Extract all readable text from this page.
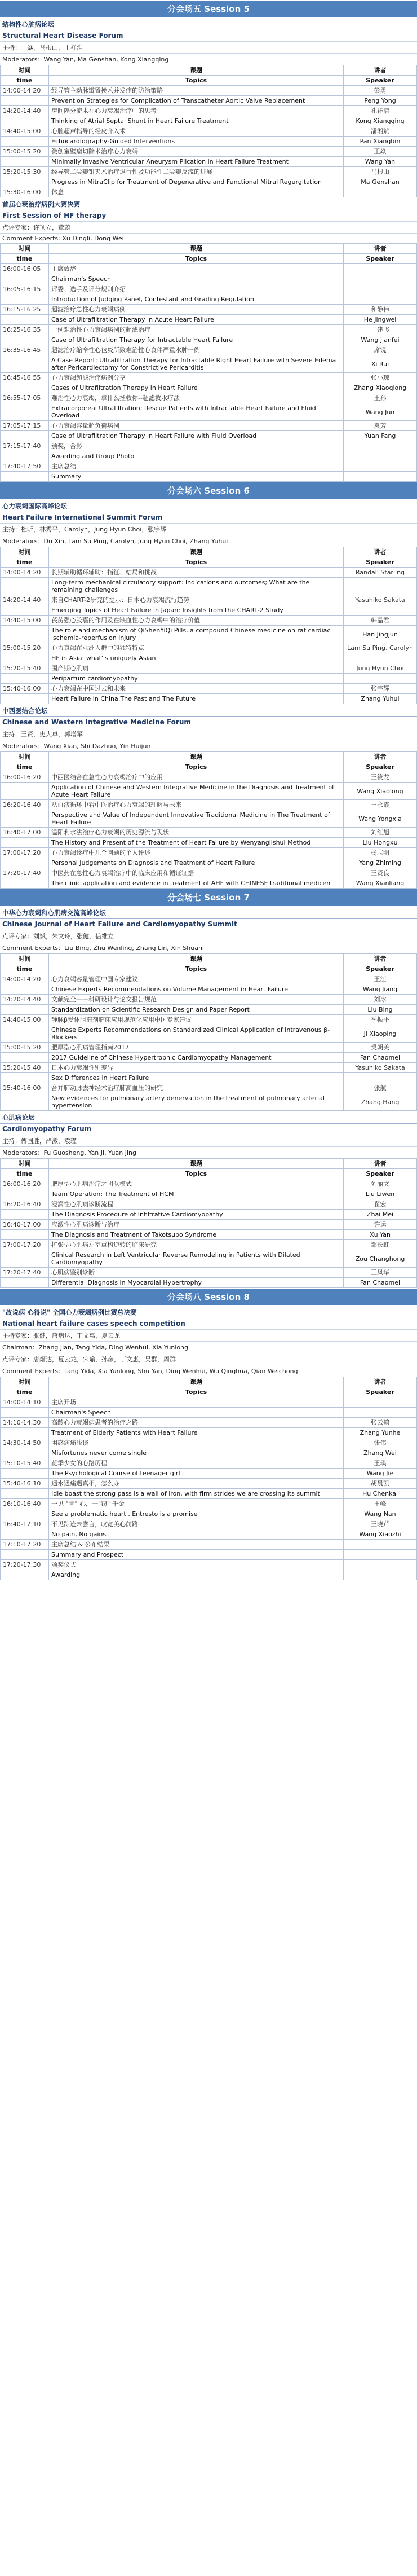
分会场五 Session 5
结构性心脏病论坛
Structural Heart Disease Forum
主持：王焱，马根山，王祥淮
Moderators：Wang Yan, Ma Genshan, Kong Xiangqing
时间	课题	讲者
time	Topics	Speaker
14:00-14:20	经导管主动脉瓣置换术并发症的防治策略	彭勇
	Prevention Strategies for Complication of Transcatheter Aortic Valve Replacement	Peng Yong
14:20-14:40	房间隔分流术在心力衰竭治疗中的思考	孔祥清
	Thinking of Atrial Septal Shunt in Heart Failure Treatment	Kong Xiangqing
14:40-15:00	心脏超声指导的经皮介入术	潘湘斌
	Echocardiography-Guided Interventions	Pan Xiangbin
15:00-15:20	微创室壁瘤切除术治疗心力衰竭	王焱
	Minimally Invasive Ventricular Aneurysm Plication in Heart Failure Treatment	Wang Yan
15:20-15:30	经导管二尖瓣钳夹术治疗退行性及功能性二尖瓣反流的进展	马根山
	Progress in MitraClip for Treatment of Degenerative and Functional Mitral Regurgitation	Ma Genshan
15:30-16:00	休息	
首届心衰治疗病例大赛决赛
First Session of HF therapy
点评专家：许顶立，董蔚
Comment Experts: Xu Dingli, Dong Wei
时间	课题	讲者
time	Topics	Speaker
16:00-16:05	主席致辞	
	Chairman's Speech	
16:05-16:15	评委、选手及评分规则介绍	
	Introduction of Judging Panel, Contestant and Grading Regulation	
16:15-16:25	超滤治疗急性心力衰竭病例	和静伟
	Case of Ultrafiltration Therapy in Acute Heart Failure	He Jingwei
16:25-16:35	一例难治性心力衰竭病例的超滤治疗	王建飞
	Case of Ultrafiltration Therapy for Intractable Heart Failure	Wang Jianfei
16:35-16:45	超滤治疗缩窄性心包炎所致难治性心衰伴严重水肿一例	席锐
	A Case Report: Ultrafiltration Therapy for Intractable Right Heart Failure with Severe Edema after Pericardiectomy for Constrictive Pericarditis	Xi Rui
16:45-16:55	心力衰竭超滤治疗病例分享	张小琼
	Cases of Ultrafiltration Therapy in Heart Failure	Zhang Xiaoqiong
16:55-17:05	难治性心力衰竭，拿什么拯救你--超滤救水疗法	王孙
	Extracorporeal Ultrafiltration: Rescue Patients with Intractable Heart Failure and Fluid Overload	Wang Jun
17:05-17:15	心力衰竭容量超负荷病例	袁芳
	Case of Ultrafiltration Therapy in Heart Failure with Fluid Overload	Yuan Fang
17:15-17:40	颁奖，合影	
	Awarding and Group Photo	
17:40-17:50	主席总结	
	Summary	
分会场六 Session 6
心力衰竭国际高峰论坛
Heart Failure International Summit Forum
主持：杜昕，林秀平，Carolyn，Jung Hyun Choi，张宇辉
Moderators：Du Xin, Lam Su Ping, Carolyn, Jung Hyun Choi, Zhang Yuhui
时间	课题	讲者
time	Topics	Speaker
14:00-14:20	长期辅助循环辅助：指征、结局和挑战	Randall Starling
	Long-term mechanical circulatory support: indications and outcomes; What are the remaining challenges	
14:20-14:40	来自CHART-2研究的提示：日本心力衰竭流行趋势	Yasuhiko Sakata
	Emerging Topics of Heart Failure in Japan: Insights from the CHART-2 Study	
14:40-15:00	芪苈强心胶囊的作用及在缺血性心力衰竭中的治疗价值	韩晶君
	The role and mechanism of QiShenYiQi Pills, a compound Chinese medicine on rat cardiac ischemia-reperfusion injury	Han Jingjun
15:00-15:20	心力衰竭在亚洲人群中的独特特点	Lam Su Ping, Carolyn
	HF in Asia: what' s uniquely Asian	
15:20-15:40	围产期心肌病	Jung Hyun Choi
	Peripartum cardiomyopathy	
15:40-16:00	心力衰竭在中国过去和未来	张宇辉
	Heart Failure in China:The Past and The Future	Zhang Yuhui
中西医结合论坛
Chinese and Western Integrative Medicine Forum
主持：王贤，史大卓，郭增军
Moderators：Wang Xian, Shi Dazhuo, Yin Huijun
时间	课题	讲者
time	Topics	Speaker
16:00-16:20	中西医结合在急性心力衰竭治疗中的应用	王筱龙
	Application of Chinese and Western Integrative Medicine in the Diagnosis and Treatment of Acute Heart Failure	Wang Xiaolong
16:20-16:40	从血液循环中看中医治疗心力衰竭的理解与未来	王永霞
	Perspective and Value of Independent Innovative Traditional Medicine in The Treatment of Heart Failure	Wang Yongxia
16:40-17:00	温阳利水法治疗心力衰竭的历史源流与现状	刘红旭
	The History and Present of the Treatment of Heart Failure by Wenyanglishui Method	Liu Hongxu
17:00-17:20	心力衰竭诊疗中几个问题的个人评述	杨志明
	Personal Judgements on Diagnosis and Treatment of Heart Failure	Yang Zhiming
17:20-17:40	中医药在急性心力衰竭治疗中的临床应用和循证证据	王贤良
	The clinic application and evidence in treatment of AHF with CHINESE traditional medicen	Wang Xianliang
分会场七 Session 7
中华心力衰竭和心肌病交流高峰论坛
Chinese Journal of Heart Failure and Cardiomyopathy Summit
点评专家：刘斌，朱文玲，张健，信维立
Comment Experts：Liu Bing, Zhu Wenling, Zhang Lin, Xin Shuanli
时间	课题	讲者
time	Topics	Speaker
14:00-14:20	心力衰竭容量管理中国专家建议	王江
	Chinese Experts Recommendations on Volume Management in Heart Failure	Wang Jiang
14:20-14:40	文献完全——科研设计与论文报告规范	刘冰
	Standardization on Scientific Research Design and Paper Report	Liu Bing
14:40-15:00	静脉β受体阻滞剂临床应用规范化应用中国专家建议	季振平
	Chinese Experts Recommendations on Standardized Clinical Application of Intravenous β-Blockers	Ji Xiaoping
15:00-15:20	肥厚型心肌病管理指南2017	樊朝美
	2017 Guideline of Chinese Hypertrophic Cardiomyopathy Management	Fan Chaomei
15:20-15:40	日本心力衰竭性别差异	Yasuhiko Sakata
	Sex Differences in Heart Failure	
15:40-16:00	合并肺动脉去神经术治疗肺高血压的研究	张航
	New evidences for pulmonary artery denervation in the treatment of pulmonary arterial hypertension	Zhang Hang
心肌病论坛
Cardiomyopathy Forum
主持：傅国胜，严激，袁瑾
Moderators：Fu Guosheng, Yan Ji, Yuan Jing
时间	课题	讲者
time	Topics	Speaker
16:00-16:20	肥厚型心肌病治疗之团队模式	刘丽文
	Team Operation: The Treatment of HCM	Liu Liwen
16:20-16:40	浸润性心肌病诊断流程	翟宏
	The Diagnosis Procedure of Infiltrative Cardiomyopathy	Zhai Mei
16:40-17:00	应激性心肌病诊断与治疗	许运
	The Diagnosis and Treatment of Takotsubo Syndrome	Xu Yan
17:00-17:20	扩张型心肌病左室重构逆转的临床研究	邹长虹
	Clinical Research in Left Ventricular Reverse Remodeling in Patients with Dilated Cardiomyopathy	Zou Changhong
17:20-17:40	心肌病鉴别诊断	王凤华
	Differential Diagnosis in Myocardial Hypertrophy	Fan Chaomei
分会场八 Session 8
"故说病 心得说" 全国心力衰竭病例比赛总决赛
National heart failure cases speech competition
主持专家：张健，唐熠达，丁文惠，夏云龙
Chairman：Zhang Jian, Tang Yida, Ding Wenhui, Xia Yunlong
点评专家：唐熠达，夏云龙，宋瑜，孙彦，丁文惠，吴群，周群
Comment Experts：Tang Yida, Xia Yunlong, Shu Yan, Ding Wenhui, Wu Qinghua, Qian Weichong
时间	课题	讲者
time	Topics	Speaker
14:00-14:10	主席开场	
	Chairman's Speech	
14:10-14:30	高龄心力衰竭病患者的治疗之路	张云鹤
	Treatment of Elderly Patients with Heart Failure	Zhang Yunhe
14:30-14:50	困惑病痛浅谈	张伟
	Misfortunes never come single	Zhang Wei
15:10-15:40	花季少女的心路历程	王琪
	The Psychological Course of teenager girl	Wang Jie
15:40-16:10	遇水遇痛遇真相，怎么办	胡晨凯
	Idle boast the strong pass is a wall of iron, with firm strides we are crossing its summit	Hu Chenkai
16:10-16:40	一见 "肯" 心，一"窃" 千金	王峰
	See a problematic heart , Entresto is a promise	Wang Nan
16:40-17:10	不见踪迹未尝言，叹宽美心前路	王晓芹
	No pain, No gains	Wang Xiaozhi
17:10-17:20	主席总结 & 公布结果	
	Summary and Prospect	
17:20-17:30	颁奖仪式	
	Awarding	
